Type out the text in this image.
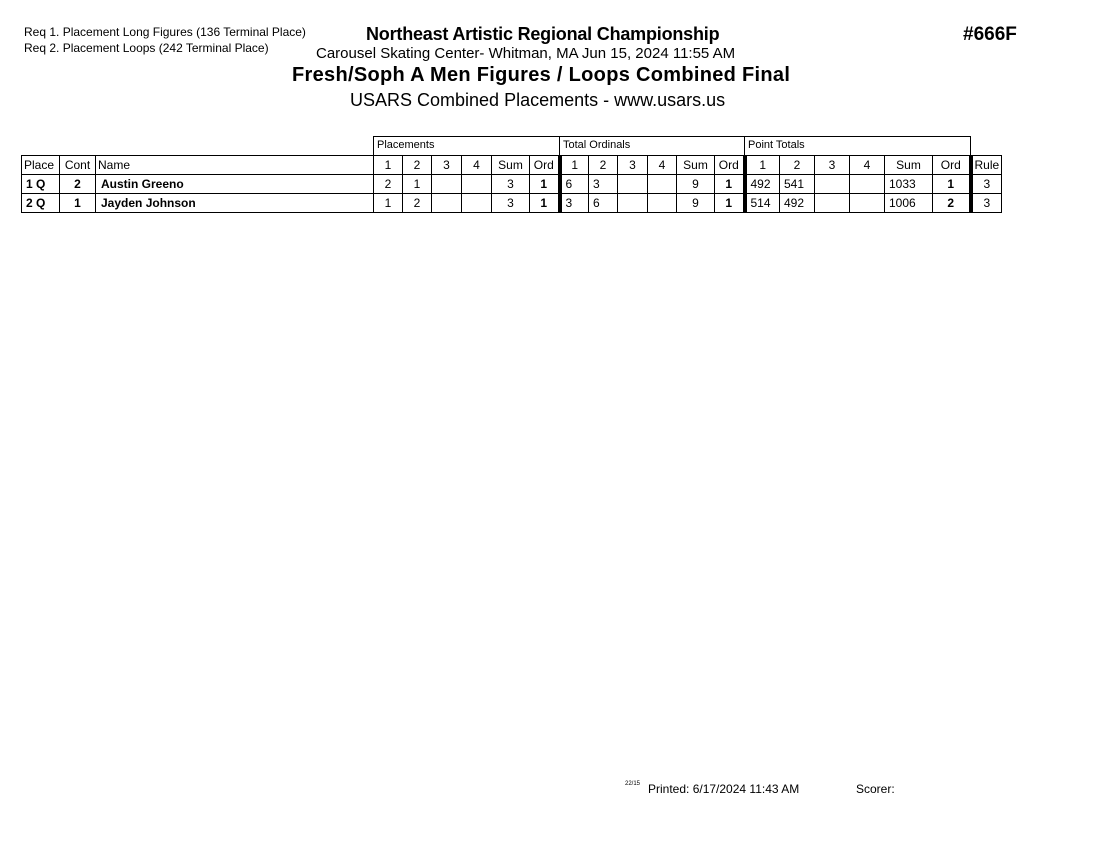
Req 1. Placement Long Figures (136 Terminal Place)
Req 2. Placement Loops (242 Terminal Place)
Northeast Artistic Regional Championship
Carousel Skating Center- Whitman, MA Jun 15, 2024 11:55 AM
Fresh/Soph A Men Figures / Loops Combined Final
USARS Combined Placements - www.usars.us
#666F
			Placements						Total Ordinals						Point Totals						
Place	Cont	Name	1	2	3	4	Sum	Ord	1	2	3	4	Sum	Ord	1	2	3	4	Sum	Ord	Rule
1 Q	2	Austin Greeno	2	1			3	1	6	3			9	1	492	541			1033	1	3
2 Q	1	Jayden Johnson	1	2			3	1	3	6			9	1	514	492			1006	2	3
22/15 Printed: 6/17/2024 11:43 AM	Scorer:
